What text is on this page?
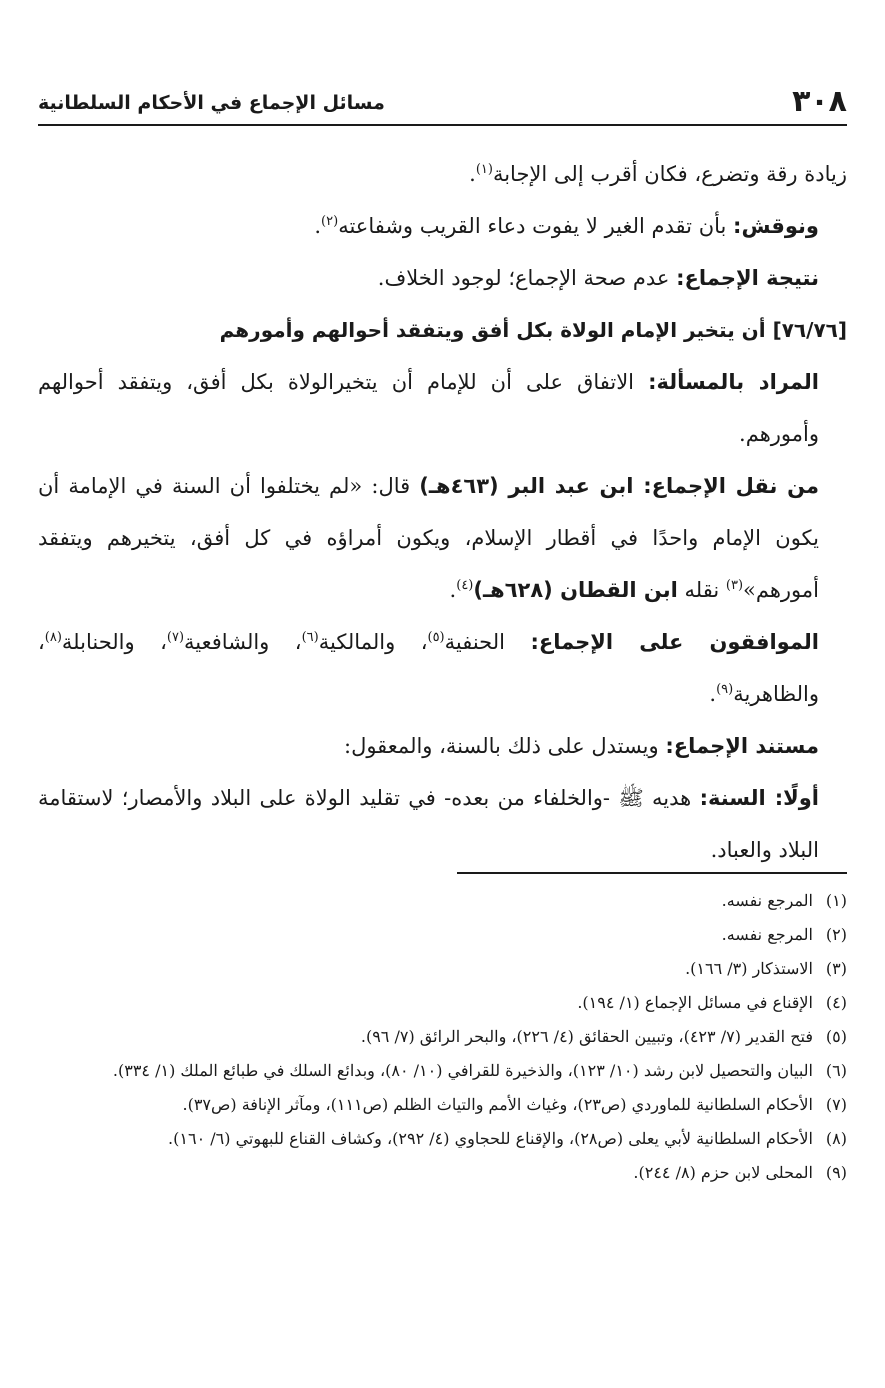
٣٠٨
مسائل الإجماع في الأحكام السلطانية

زيادة رقة وتضرع، فكان أقرب إلى الإجابة$^{(١)}$.

ونوقش: بأن تقدم الغير لا يفوت دعاء القريب وشفاعته$^{(٢)}$.

نتيجة الإجماع: عدم صحة الإجماع؛ لوجود الخلاف.

[٧٦/٧٦] أن يتخير الإمام الولاة بكل أفق ويتفقد أحوالهم وأمورهم

المراد بالمسألة: الاتفاق على أن للإمام أن يتخيرالولاة بكل أفق، ويتفقد أحوالهم وأمورهم.

من نقل الإجماع: ابن عبد البر (٤٦٣هـ) قال: «لم يختلفوا أن السنة في الإمامة أن يكون الإمام واحدًا في أقطار الإسلام، ويكون أمراؤه في كل أفق، يتخيرهم ويتفقد أمورهم»$^{(٣)}$ نقله ابن القطان (٦٢٨هـ)$^{(٤)}$.

الموافقون على الإجماع: الحنفية$^{(٥)}$، والمالكية$^{(٦)}$، والشافعية$^{(٧)}$، والحنابلة$^{(٨)}$، والظاهرية$^{(٩)}$.

مستند الإجماع: ويستدل على ذلك بالسنة، والمعقول:

أولًا: السنة: هديه ﷺ -والخلفاء من بعده- في تقليد الولاة على البلاد والأمصار؛ لاستقامة البلاد والعباد.

(١)
المرجع نفسه.

(٢)
المرجع نفسه.

(٣)
الاستذكار (٣/ ١٦٦).

(٤)
الإقناع في مسائل الإجماع (١/ ١٩٤).

(٥)
فتح القدير (٧/ ٤٢٣)، وتبيين الحقائق (٤/ ٢٢٦)، والبحر الرائق (٧/ ٩٦).

(٦)
البيان والتحصيل لابن رشد (١٠/ ١٢٣)، والذخيرة للقرافي (١٠/ ٨٠)، وبدائع السلك في طبائع الملك (١/ ٣٣٤).

(٧)
الأحكام السلطانية للماوردي (ص٢٣)، وغياث الأمم والتياث الظلم (ص١١١)، ومآثر الإنافة (ص٣٧).

(٨)
الأحكام السلطانية لأبي يعلى (ص٢٨)، والإقناع للحجاوي (٤/ ٢٩٢)، وكشاف القناع للبهوتي (٦/ ١٦٠).

(٩)
المحلى لابن حزم (٨/ ٢٤٤).
